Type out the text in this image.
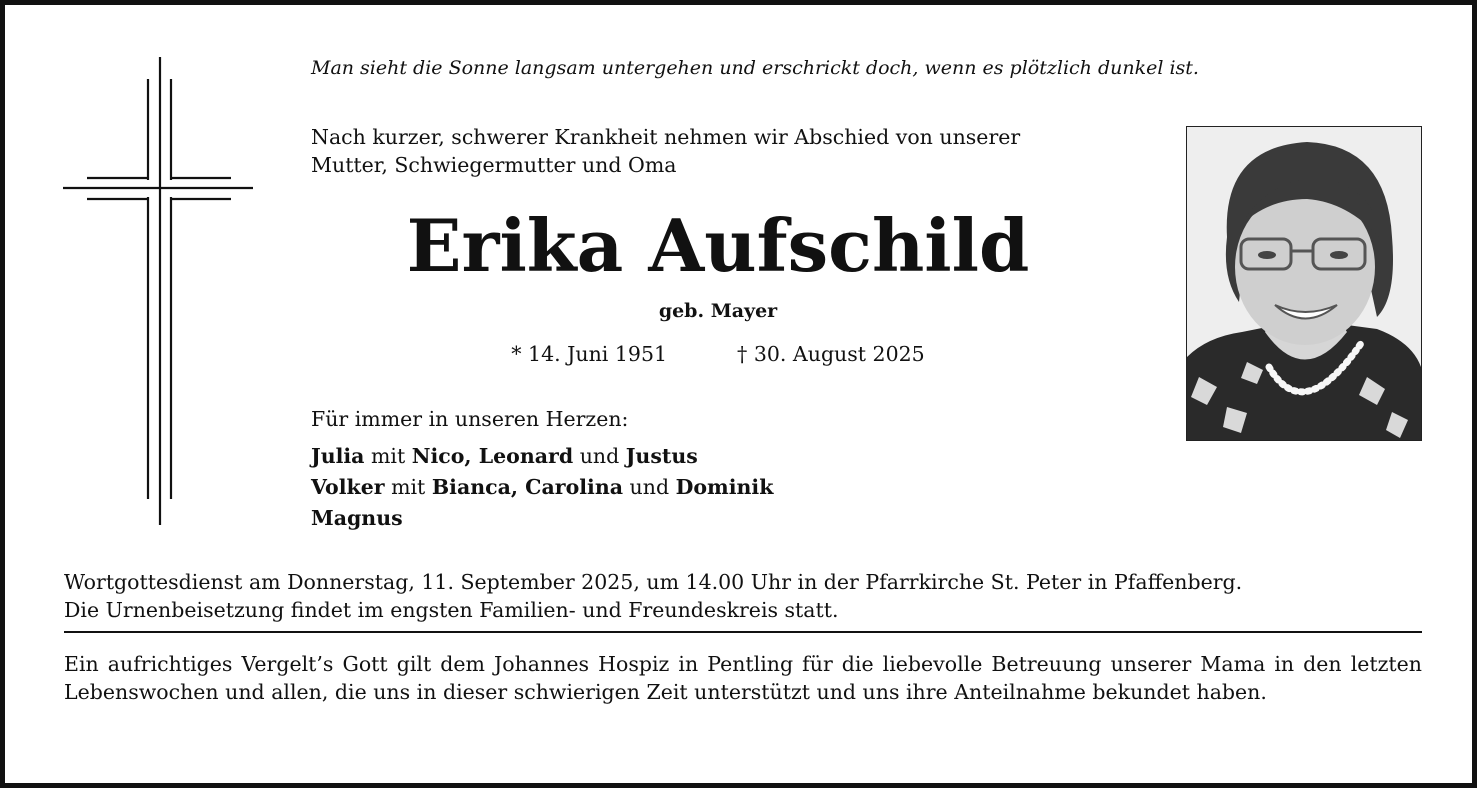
Man sieht die Sonne langsam untergehen und erschrickt doch, wenn es plötzlich dunkel ist.
Nach kurzer, schwerer Krankheit nehmen wir Abschied von unserer
Mutter, Schwiegermutter und Oma
Erika Aufschild
geb. Mayer
* 14. Juni 1951	† 30. August 2025
Für immer in unseren Herzen:
Julia mit Nico, Leonard und Justus
Volker mit Bianca, Carolina und Dominik
Magnus
Wortgottesdienst am Donnerstag, 11. September 2025, um 14.00 Uhr in der Pfarrkirche St. Peter in Pfaffenberg.
Die Urnenbeisetzung findet im engsten Familien- und Freundeskreis statt.
Ein aufrichtiges Vergelt’s Gott gilt dem Johannes Hospiz in Pentling für die liebevolle Betreuung unserer Mama in den letzten Lebenswochen und allen, die uns in dieser schwierigen Zeit unterstützt und uns ihre Anteilnahme bekundet haben.
